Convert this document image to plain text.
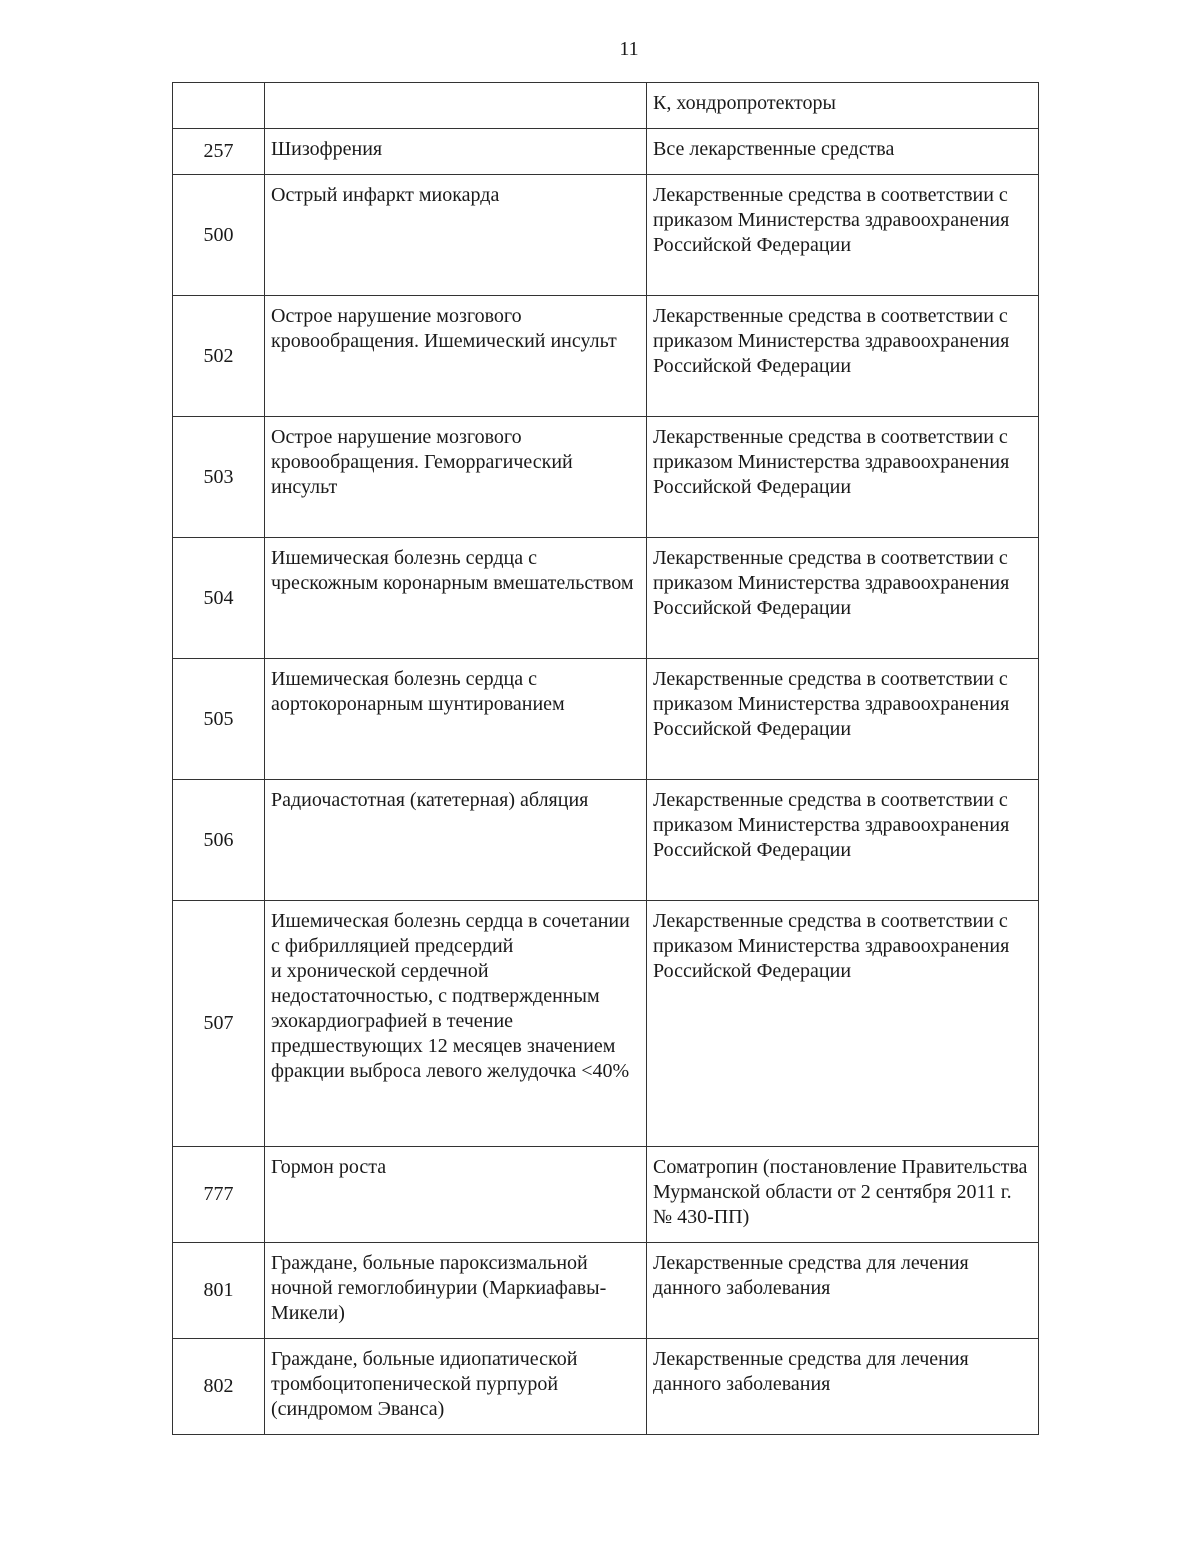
11
		К, хондропротекторы
257	Шизофрения	Все лекарственные средства
500	Острый инфаркт миокарда	Лекарственные средства в соответствии с приказом Министерства здравоохранения Российской Федерации
502	Острое нарушение мозгового кровообращения. Ишемический инсульт	Лекарственные средства в соответствии с приказом Министерства здравоохранения Российской Федерации
503	Острое нарушение мозгового кровообращения. Геморрагический инсульт	Лекарственные средства в соответствии с приказом Министерства здравоохранения Российской Федерации
504	Ишемическая болезнь сердца с чрескожным коронарным вмешательством	Лекарственные средства в соответствии с приказом Министерства здравоохранения Российской Федерации
505	Ишемическая болезнь сердца с аортокоронарным шунтированием	Лекарственные средства в соответствии с приказом Министерства здравоохранения Российской Федерации
506	Радиочастотная (катетерная) абляция	Лекарственные средства в соответствии с приказом Министерства здравоохранения Российской Федерации
507	Ишемическая болезнь сердца в сочетании с фибрилляцией предсердий
и хронической сердечной недостаточностью, с подтвержденным эхокардиографией в течение предшествующих 12 месяцев значением фракции выброса левого желудочка <40%	Лекарственные средства в соответствии с приказом Министерства здравоохранения Российской Федерации
777	Гормон роста	Соматропин (постановление Правительства Мурманской области от 2 сентября 2011 г. № 430-ПП)
801	Граждане, больные пароксизмальной ночной гемоглобинурии (Маркиафавы-Микели)	Лекарственные средства для лечения данного заболевания
802	Граждане, больные идиопатической тромбоцитопенической пурпурой (синдромом Эванса)	Лекарственные средства для лечения данного заболевания
